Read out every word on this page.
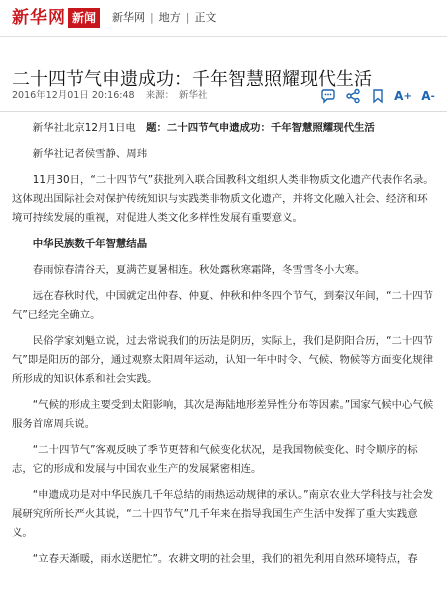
新华网 新闻	新华网 | 地方 | 正文
二十四节气申遗成功：千年智慧照耀现代生活
2016年12月01日 20:16:48 来源：　新华社	A + A -

新华社北京12月1日电　题：二十四节气申遗成功：千年智慧照耀现代生活

新华社记者侯雪静、周玮

11月30日，“二十四节气”获批列入联合国教科文组织人类非物质文化遗产代表作名录。这体现出国际社会对保护传统知识与实践类非物质文化遗产，并将文化融入社会、经济和环境可持续发展的重视，对促进人类文化多样性发展有重要意义。

中华民族数千年智慧结晶

春雨惊春清谷天，夏满芒夏暑相连。秋处露秋寒霜降，冬雪雪冬小大寒。

远在春秋时代，中国就定出仲春、仲夏、仲秋和仲冬四个节气，到秦汉年间，“二十四节气”已经完全确立。

民俗学家刘魁立说，过去常说我们的历法是阴历，实际上，我们是阴阳合历，“二十四节气”即是阳历的部分，通过观察太阳周年运动，认知一年中时令、气候、物候等方面变化规律所形成的知识体系和社会实践。

“气候的形成主要受到太阳影响，其次是海陆地形差异性分布等因素。”国家气候中心气候服务首席周兵说。

“二十四节气”客观反映了季节更替和气候变化状况，是我国物候变化、时令顺序的标志，它的形成和发展与中国农业生产的发展紧密相连。

“申遗成功是对中华民族几千年总结的雨热运动规律的承认。”南京农业大学科技与社会发展研究所所长严火其说，“二十四节气”几千年来在指导我国生产生活中发挥了重大实践意义。

“立春天渐暖，雨水送肥忙”。农耕文明的社会里，我们的祖先利用自然环境特点，春
